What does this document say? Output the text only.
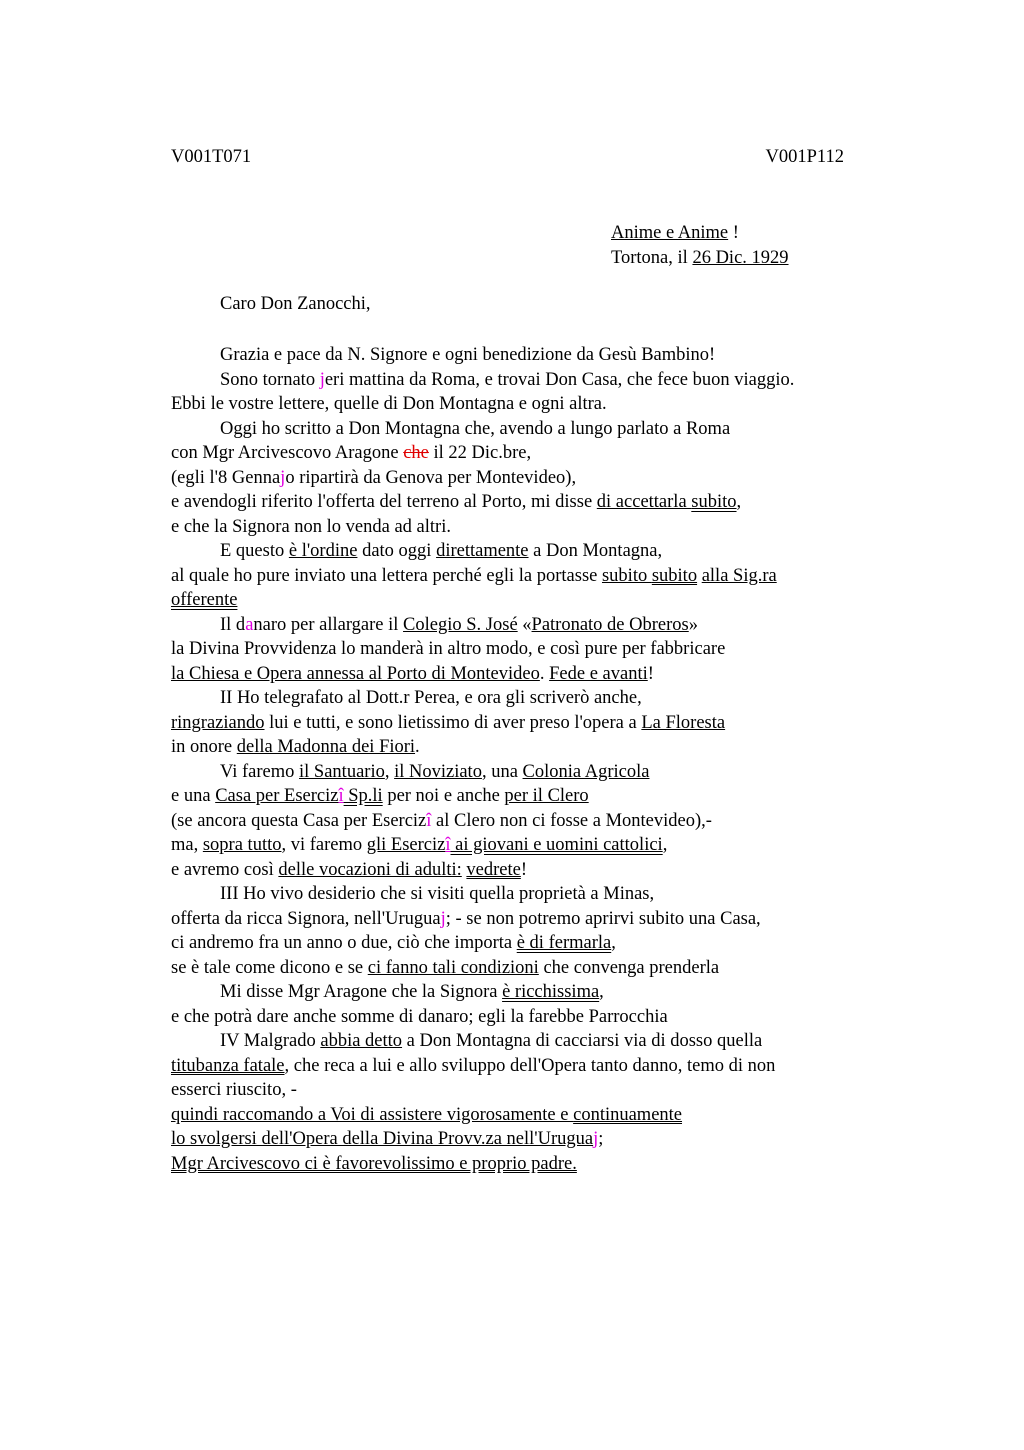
V001T071	V001P112
Anime e Anime !
Tortona, il 26 Dic. 1929
Caro Don Zanocchi,
Grazia e pace da N. Signore e ogni benedizione da Gesù Bambino!
Sono tornato jeri mattina da Roma, e trovai Don Casa, che fece buon viaggio.
Ebbi le vostre lettere, quelle di Don Montagna e ogni altra.
Oggi ho scritto a Don Montagna che, avendo a lungo parlato a Roma
con Mgr Arcivescovo Aragone che il 22 Dic.bre,
(egli l'8 Gennajo ripartirà da Genova per Montevideo),
e avendogli riferito l'offerta del terreno al Porto, mi disse di accettarla subito,
e che la Signora non lo venda ad altri.
E questo è l'ordine dato oggi direttamente a Don Montagna,
al quale ho pure inviato una lettera perché egli la portasse subito subito alla Sig.ra
offerente
Il danaro per allargare il Colegio S. José «Patronato de Obreros»
la Divina Provvidenza lo manderà in altro modo, e così pure per fabbricare
la Chiesa e Opera annessa al Porto di Montevideo. Fede e avanti!
II Ho telegrafato al Dott.r Perea, e ora gli scriverò anche,
ringraziando lui e tutti, e sono lietissimo di aver preso l'opera a La Floresta
in onore della Madonna dei Fiori.
Vi faremo il Santuario, il Noviziato, una Colonia Agricola
e una Casa per Esercizî Sp.li per noi e anche per il Clero
(se ancora questa Casa per Esercizî al Clero non ci fosse a Montevideo),-
ma, sopra tutto, vi faremo gli Esercizî ai giovani e uomini cattolici,
e avremo così delle vocazioni di adulti: vedrete!
III Ho vivo desiderio che si visiti quella proprietà a Minas,
offerta da ricca Signora, nell'Uruguaj; - se non potremo aprirvi subito una Casa,
ci andremo fra un anno o due, ciò che importa è di fermarla,
se è tale come dicono e se ci fanno tali condizioni che convenga prenderla
Mi disse Mgr Aragone che la Signora è ricchissima,
e che potrà dare anche somme di danaro; egli la farebbe Parrocchia
IV Malgrado abbia detto a Don Montagna di cacciarsi via di dosso quella
titubanza fatale, che reca a lui e allo sviluppo dell'Opera tanto danno, temo di non
esserci riuscito, -
quindi raccomando a Voi di assistere vigorosamente e continuamente
lo svolgersi dell'Opera della Divina Provv.za nell'Uruguaj;
Mgr Arcivescovo ci è favorevolissimo e proprio padre.
